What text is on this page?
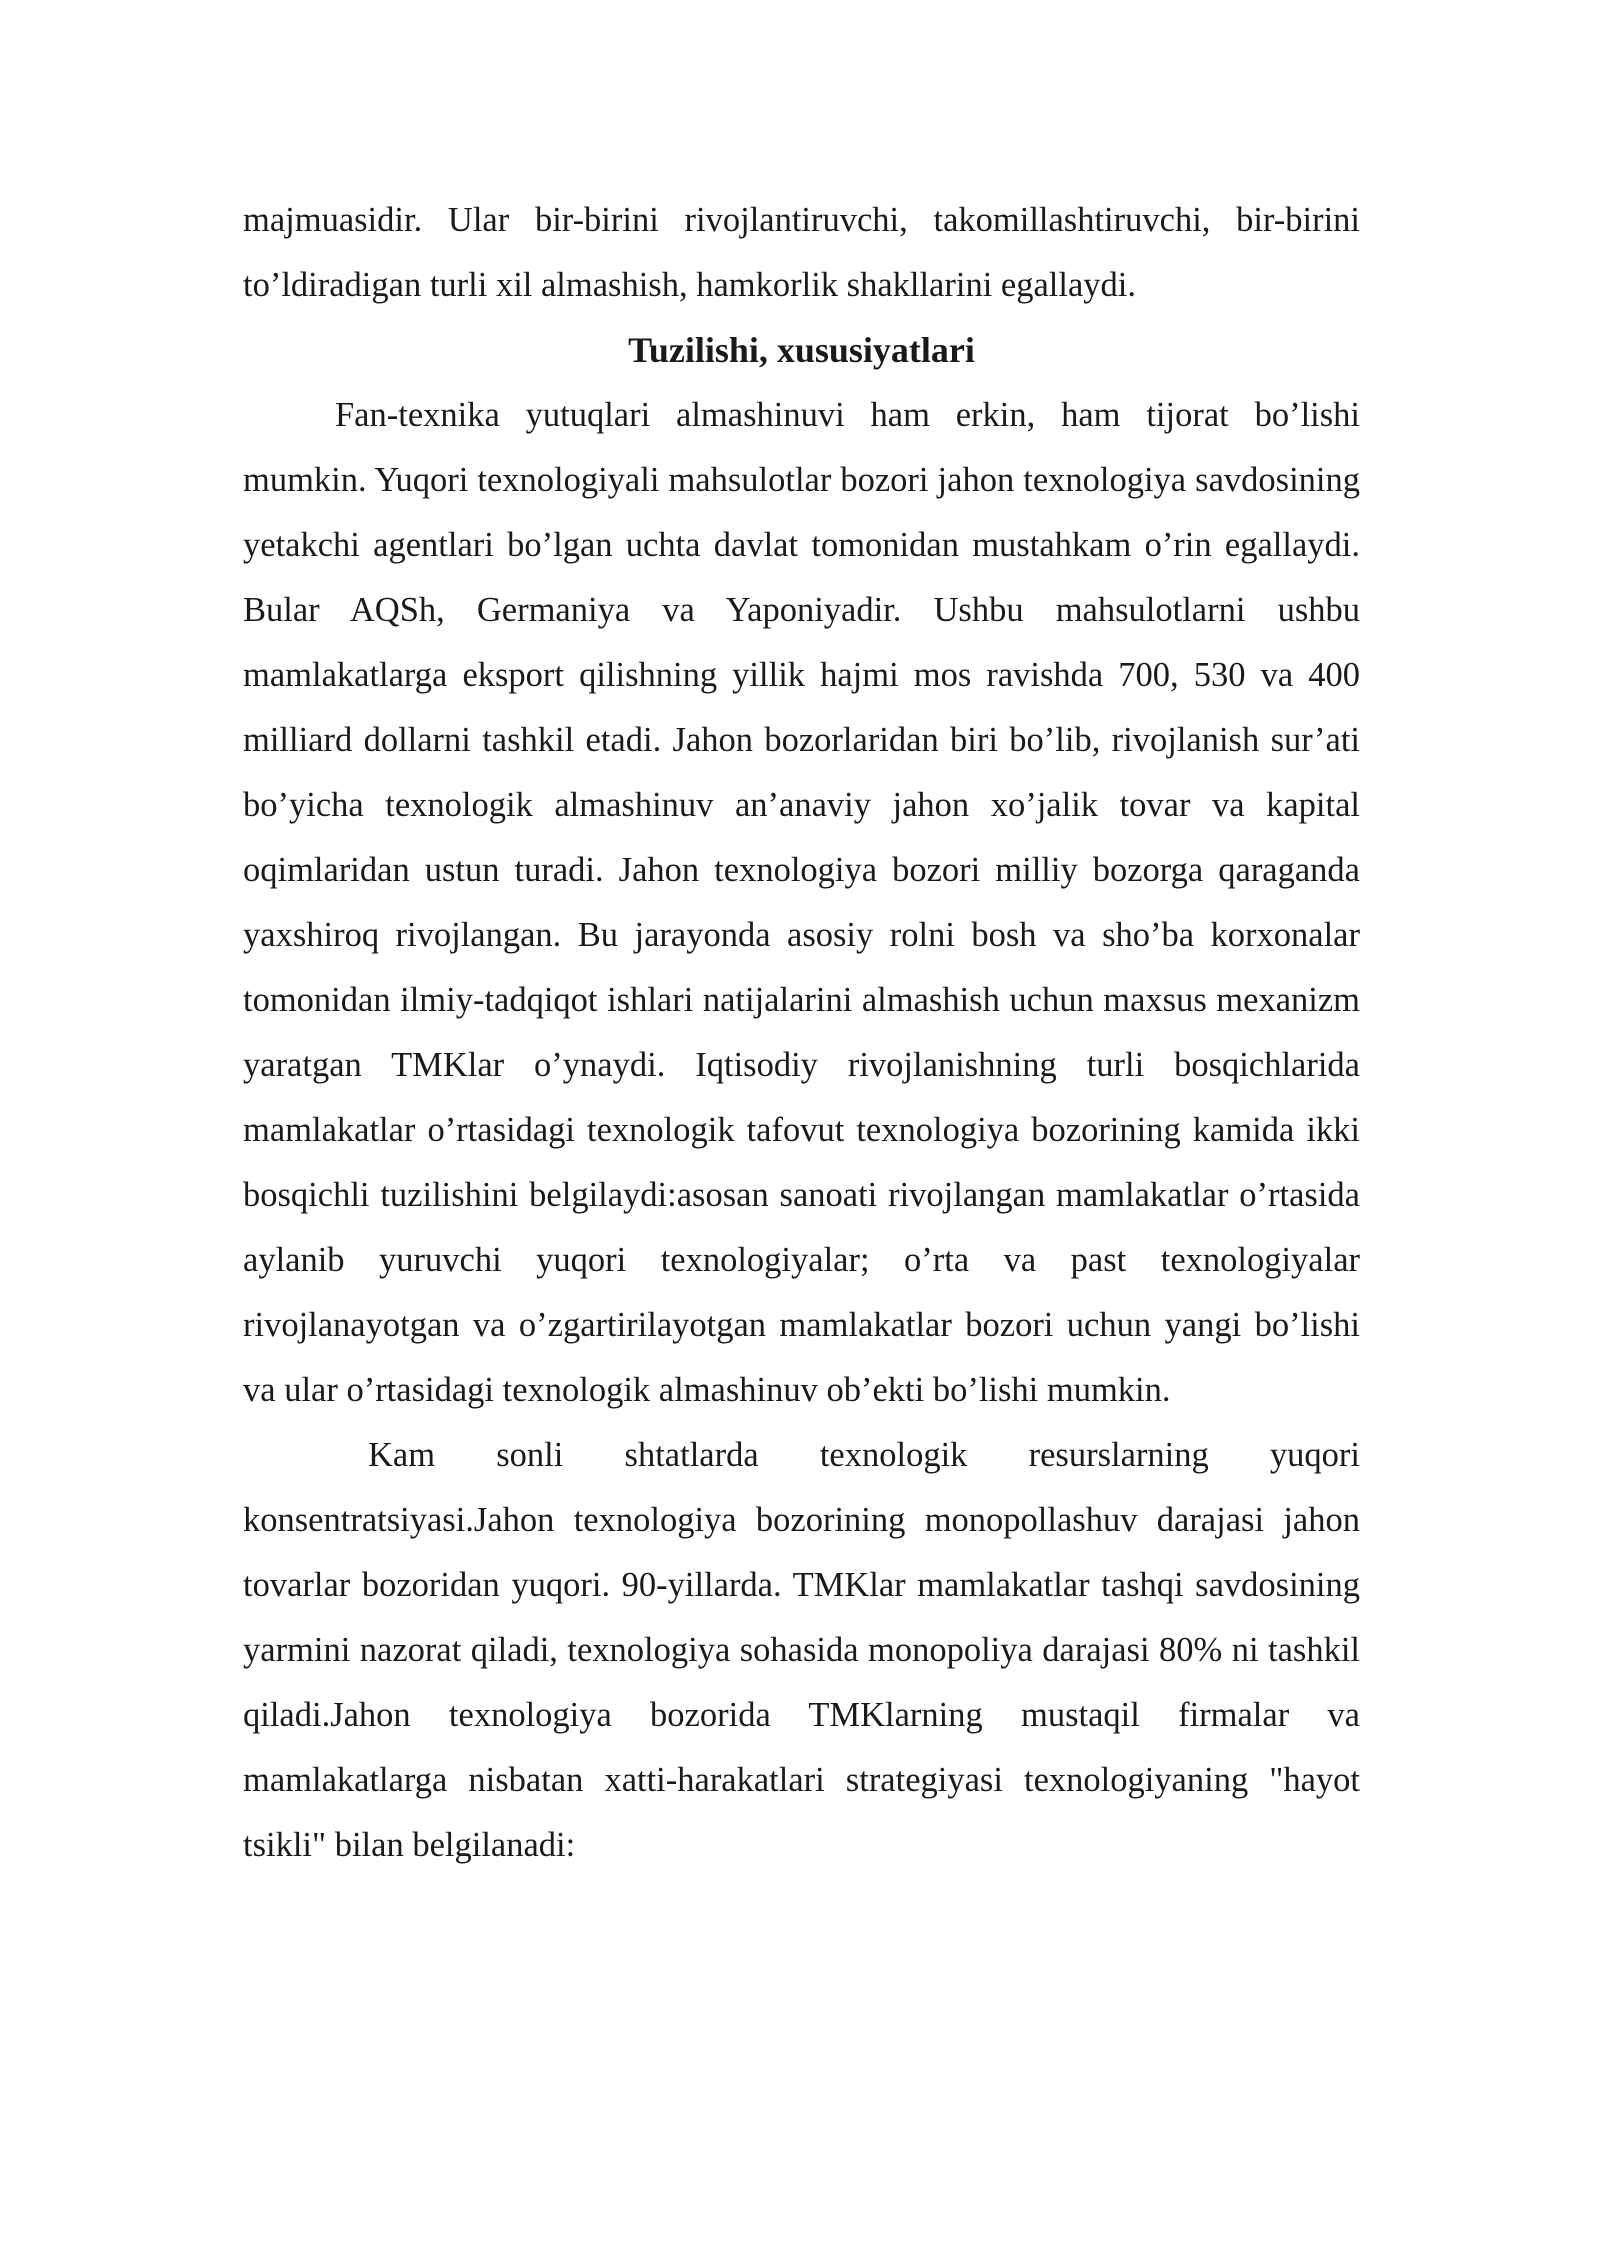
majmuasidir. Ular bir-birini rivojlantiruvchi, takomillashtiruvchi, bir-birini to’ldiradigan turli xil almashish, hamkorlik shakllarini egallaydi.

Tuzilishi, xususiyatlari

Fan-texnika yutuqlari almashinuvi ham erkin, ham tijorat bo’lishi mumkin. Yuqori texnologiyali mahsulotlar bozori jahon texnologiya savdosining yetakchi agentlari bo’lgan uchta davlat tomonidan mustahkam o’rin egallaydi. Bular AQSh, Germaniya va Yaponiyadir. Ushbu mahsulotlarni ushbu mamlakatlarga eksport qilishning yillik hajmi mos ravishda 700, 530 va 400 milliard dollarni tashkil etadi. Jahon bozorlaridan biri bo’lib, rivojlanish sur’ati bo’yicha texnologik almashinuv an’anaviy jahon xo’jalik tovar va kapital oqimlaridan ustun turadi. Jahon texnologiya bozori milliy bozorga qaraganda yaxshiroq rivojlangan. Bu jarayonda asosiy rolni bosh va sho’ba korxonalar tomonidan ilmiy-tadqiqot ishlari natijalarini almashish uchun maxsus mexanizm yaratgan TMKlar o’ynaydi. Iqtisodiy rivojlanishning turli bosqichlarida mamlakatlar o’rtasidagi texnologik tafovut texnologiya bozorining kamida ikki bosqichli tuzilishini belgilaydi:asosan sanoati rivojlangan mamlakatlar o’rtasida aylanib yuruvchi yuqori texnologiyalar; o’rta va past texnologiyalar rivojlanayotgan va o’zgartirilayotgan mamlakatlar bozori uchun yangi bo’lishi va ular o’rtasidagi texnologik almashinuv ob’ekti bo’lishi mumkin.

Kam sonli shtatlarda texnologik resurslarning yuqori konsentratsiyasi.Jahon texnologiya bozorining monopollashuv darajasi jahon tovarlar bozoridan yuqori. 90-yillarda. TMKlar mamlakatlar tashqi savdosining yarmini nazorat qiladi, texnologiya sohasida monopoliya darajasi 80% ni tashkil qiladi.Jahon texnologiya bozorida TMKlarning mustaqil firmalar va mamlakatlarga nisbatan xatti-harakatlari strategiyasi texnologiyaning "hayot tsikli" bilan belgilanadi:
